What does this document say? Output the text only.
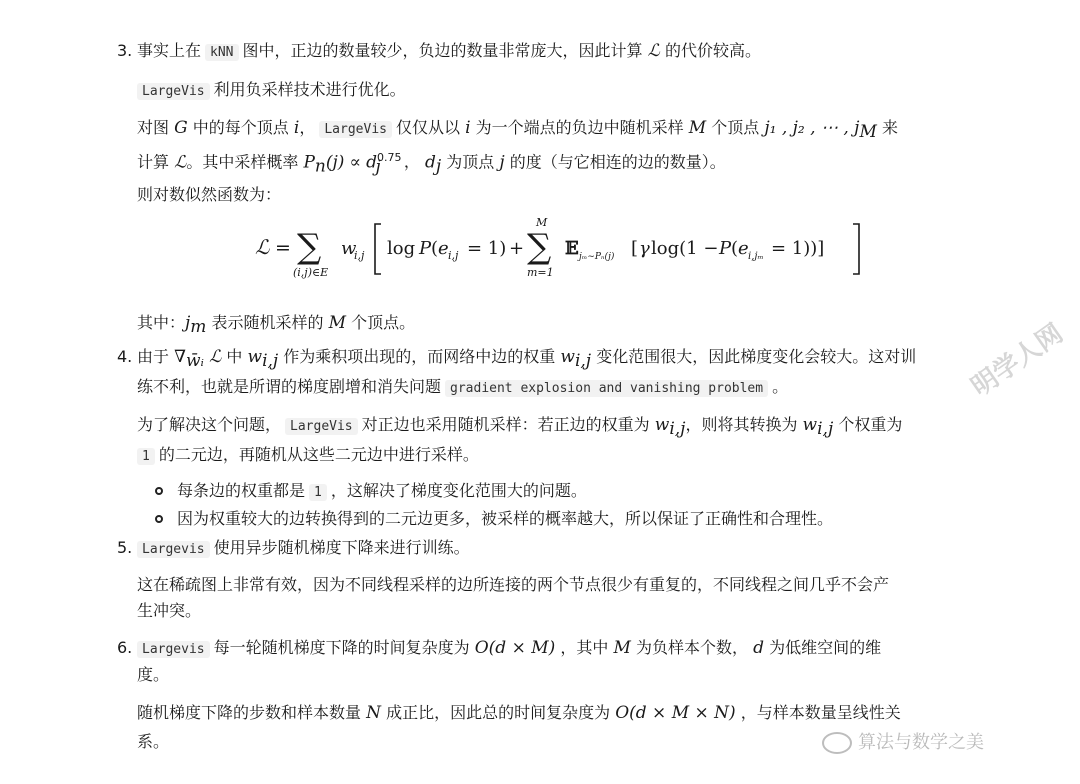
3. 事实上在 kNN 图中，正边的数量较少，负边的数量非常庞大，因此计算 ℒ 的代价较高。
LargeVis 利用负采样技术进行优化。
对图 G 中的每个顶点 i， LargeVis 仅仅从以 i 为一个端点的负边中随机采样 M 个顶点 j₁ , j₂ , ⋯ , $j_M$ 来
计算 ℒ。其中采样概率 $P_n(j) \propto d^{0.75}_j$ ， $d_j$ 为顶点 j 的度（与它相连的边的数量）。
则对数似然函数为：
ℒ = ∑
(i,j)∈E
w
i,j log P ( e i,j = 1) + ∑
M
m=1
𝔼 jₘ∼Pₙ(j) [ γ log(1 − P ( e i,jₘ = 1))]
其中：$j_m$ 表示随机采样的 M 个顶点。
4. 由于 $\nabla_{w̄ᵢ}$ ℒ 中 $w_{i,j}$ 作为乘积项出现的，而网络中边的权重 $w_{i,j}$ 变化范围很大，因此梯度变化会较大。这对训
练不利，也就是所谓的梯度剧增和消失问题 gradient explosion and vanishing problem 。
为了解决这个问题， LargeVis 对正边也采用随机采样：若正边的权重为 $w_{i,j}$，则将其转换为 $w_{i,j}$ 个权重为
1 的二元边，再随机从这些二元边中进行采样。
每条边的权重都是 1 ，这解决了梯度变化范围大的问题。
因为权重较大的边转换得到的二元边更多，被采样的概率越大，所以保证了正确性和合理性。
5. Largevis 使用异步随机梯度下降来进行训练。
这在稀疏图上非常有效，因为不同线程采样的边所连接的两个节点很少有重复的，不同线程之间几乎不会产
生冲突。
6. Largevis 每一轮随机梯度下降的时间复杂度为 O(d × M) ，其中 M 为负样本个数， d 为低维空间的维
度。
随机梯度下降的步数和样本数量 N 成正比，因此总的时间复杂度为 O(d × M × N) ，与样本数量呈线性关
系。	算法与数学之美
明学人网
